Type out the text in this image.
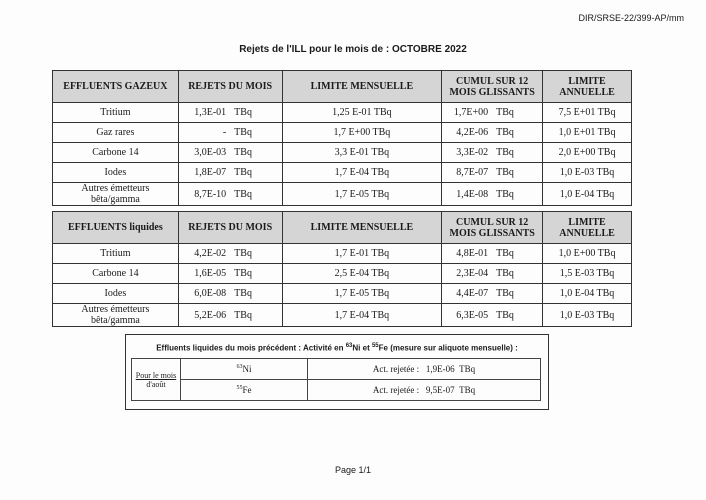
DIR/SRSE-22/399-AP/mm
Rejets de l'ILL pour le mois de : OCTOBRE 2022
EFFLUENTS GAZEUX	REJETS DU MOIS	LIMITE MENSUELLE	CUMUL SUR 12 MOIS GLISSANTS	LIMITE ANNUELLE
Tritium	1,3E-01 TBq	1,25 E-01 TBq	1,7E+00 TBq	7,5 E+01 TBq
Gaz rares	- TBq	1,7 E+00 TBq	4,2E-06 TBq	1,0 E+01 TBq
Carbone 14	3,0E-03 TBq	3,3 E-01 TBq	3,3E-02 TBq	2,0 E+00 TBq
Iodes	1,8E-07 TBq	1,7 E-04 TBq	8,7E-07 TBq	1,0 E-03 TBq
Autres émetteurs bêta/gamma	8,7E-10 TBq	1,7 E-05 TBq	1,4E-08 TBq	1,0 E-04 TBq
EFFLUENTS liquides	REJETS DU MOIS	LIMITE MENSUELLE	CUMUL SUR 12 MOIS GLISSANTS	LIMITE ANNUELLE
Tritium	4,2E-02 TBq	1,7 E-01 TBq	4,8E-01 TBq	1,0 E+00 TBq
Carbone 14	1,6E-05 TBq	2,5 E-04 TBq	2,3E-04 TBq	1,5 E-03 TBq
Iodes	6,0E-08 TBq	1,7 E-05 TBq	4,4E-07 TBq	1,0 E-04 TBq
Autres émetteurs bêta/gamma	5,2E-06 TBq	1,7 E-04 TBq	6,3E-05 TBq	1,0 E-03 TBq
Effluents liquides du mois précédent : Activité en $^{63}$Ni et $^{55}$Fe (mesure sur aliquote mensuelle) :
Pour le mois
d'août	$^{63}$Ni	Act. rejetée : 1,9E-06 TBq
	$^{55}$Fe	Act. rejetée : 9,5E-07 TBq
Page 1/1
